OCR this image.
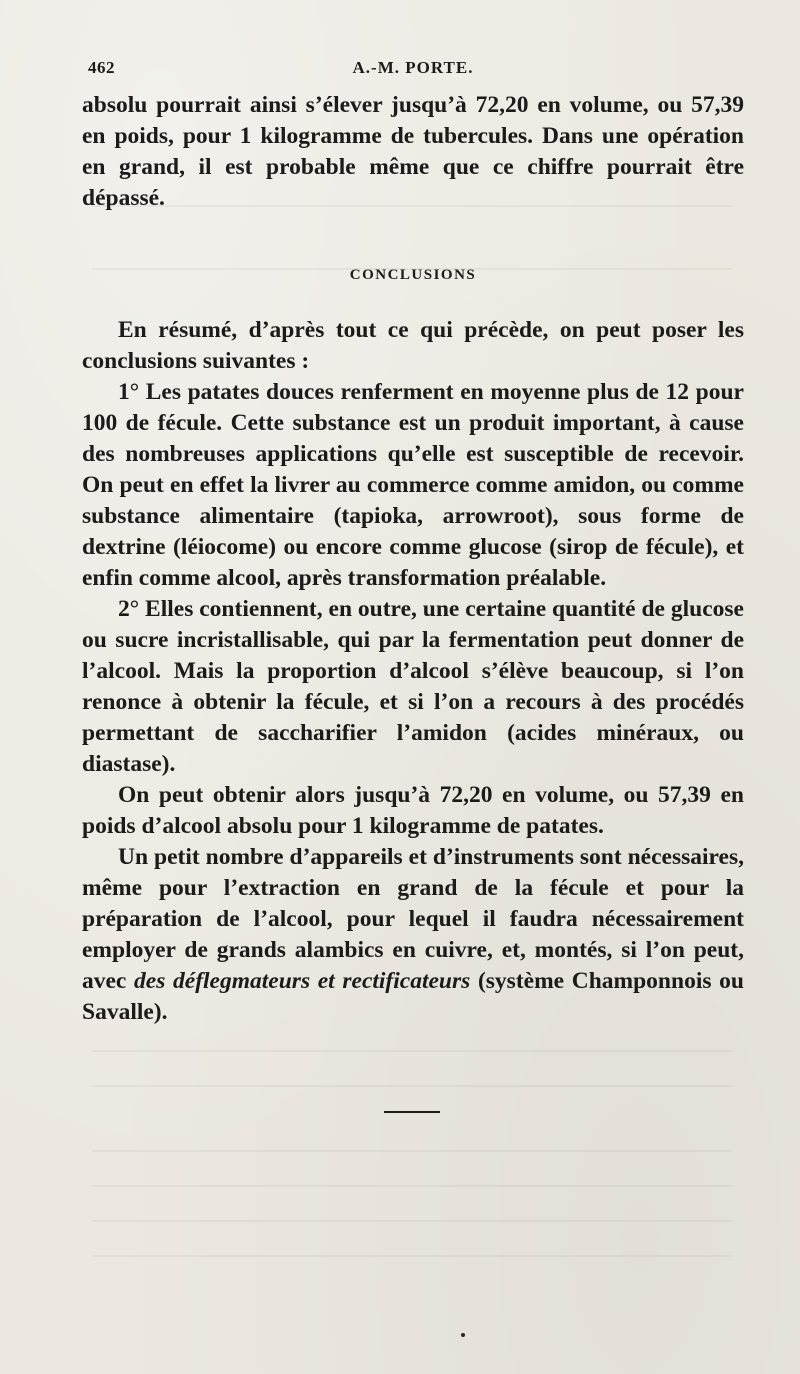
462	A.-M. PORTE.

absolu pourrait ainsi s’élever jusqu’à 72,20 en volume, ou 57,39 en poids, pour 1 kilogramme de tubercules. Dans une opération en grand, il est probable même que ce chiffre pourrait être dépassé.

CONCLUSIONS

En résumé, d’après tout ce qui précède, on peut poser les conclusions suivantes :

1° Les patates douces renferment en moyenne plus de 12 pour 100 de fécule. Cette substance est un produit important, à cause des nombreuses applications qu’elle est susceptible de recevoir. On peut en effet la livrer au commerce comme amidon, ou comme substance alimentaire (tapioka, arrowroot), sous forme de dextrine (léiocome) ou encore comme glucose (sirop de fécule), et enfin comme alcool, après transformation préalable.

2° Elles contiennent, en outre, une certaine quantité de glucose ou sucre incristallisable, qui par la fermentation peut donner de l’alcool. Mais la proportion d’alcool s’élève beaucoup, si l’on renonce à obtenir la fécule, et si l’on a recours à des procédés permettant de saccharifier l’amidon (acides minéraux, ou diastase).

On peut obtenir alors jusqu’à 72,20 en volume, ou 57,39 en poids d’alcool absolu pour 1 kilogramme de patates.

Un petit nombre d’appareils et d’instruments sont nécessaires, même pour l’extraction en grand de la fécule et pour la préparation de l’alcool, pour lequel il faudra nécessairement employer de grands alambics en cuivre, et, montés, si l’on peut, avec des déflegmateurs et rectificateurs (système Champonnois ou Savalle).
